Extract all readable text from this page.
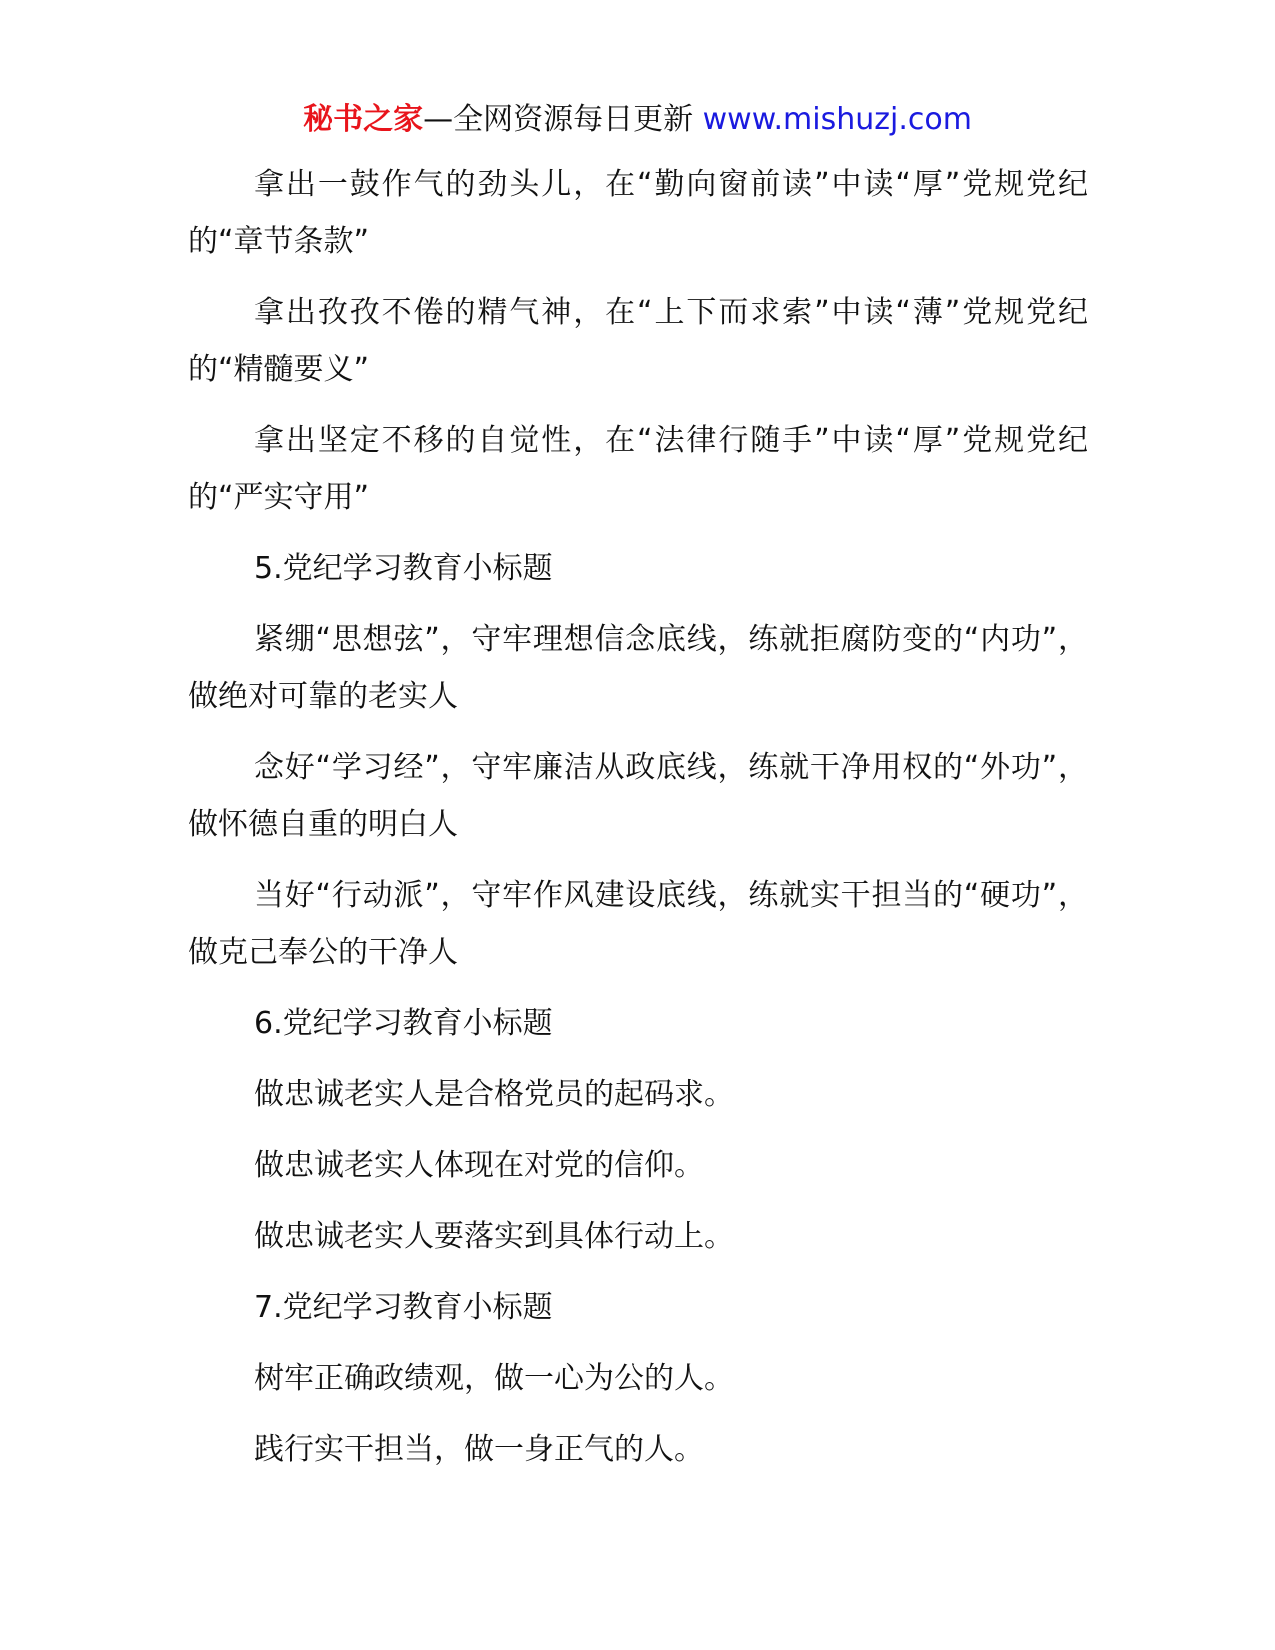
秘书之家—全网资源每日更新 www.mishuzj.com

拿出一鼓作气的劲头儿，在“勤向窗前读”中读“厚”党规党纪的“章节条款”

拿出孜孜不倦的精气神，在“上下而求索”中读“薄”党规党纪的“精髓要义”

拿出坚定不移的自觉性，在“法律行随手”中读“厚”党规党纪的“严实守用”

5.党纪学习教育小标题

紧绷“思想弦”，守牢理想信念底线，练就拒腐防变的“内功”，做绝对可靠的老实人

念好“学习经”，守牢廉洁从政底线，练就干净用权的“外功”，做怀德自重的明白人

当好“行动派”，守牢作风建设底线，练就实干担当的“硬功”，做克己奉公的干净人

6.党纪学习教育小标题

做忠诚老实人是合格党员的起码求。

做忠诚老实人体现在对党的信仰。

做忠诚老实人要落实到具体行动上。

7.党纪学习教育小标题

树牢正确政绩观，做一心为公的人。

践行实干担当，做一身正气的人。
